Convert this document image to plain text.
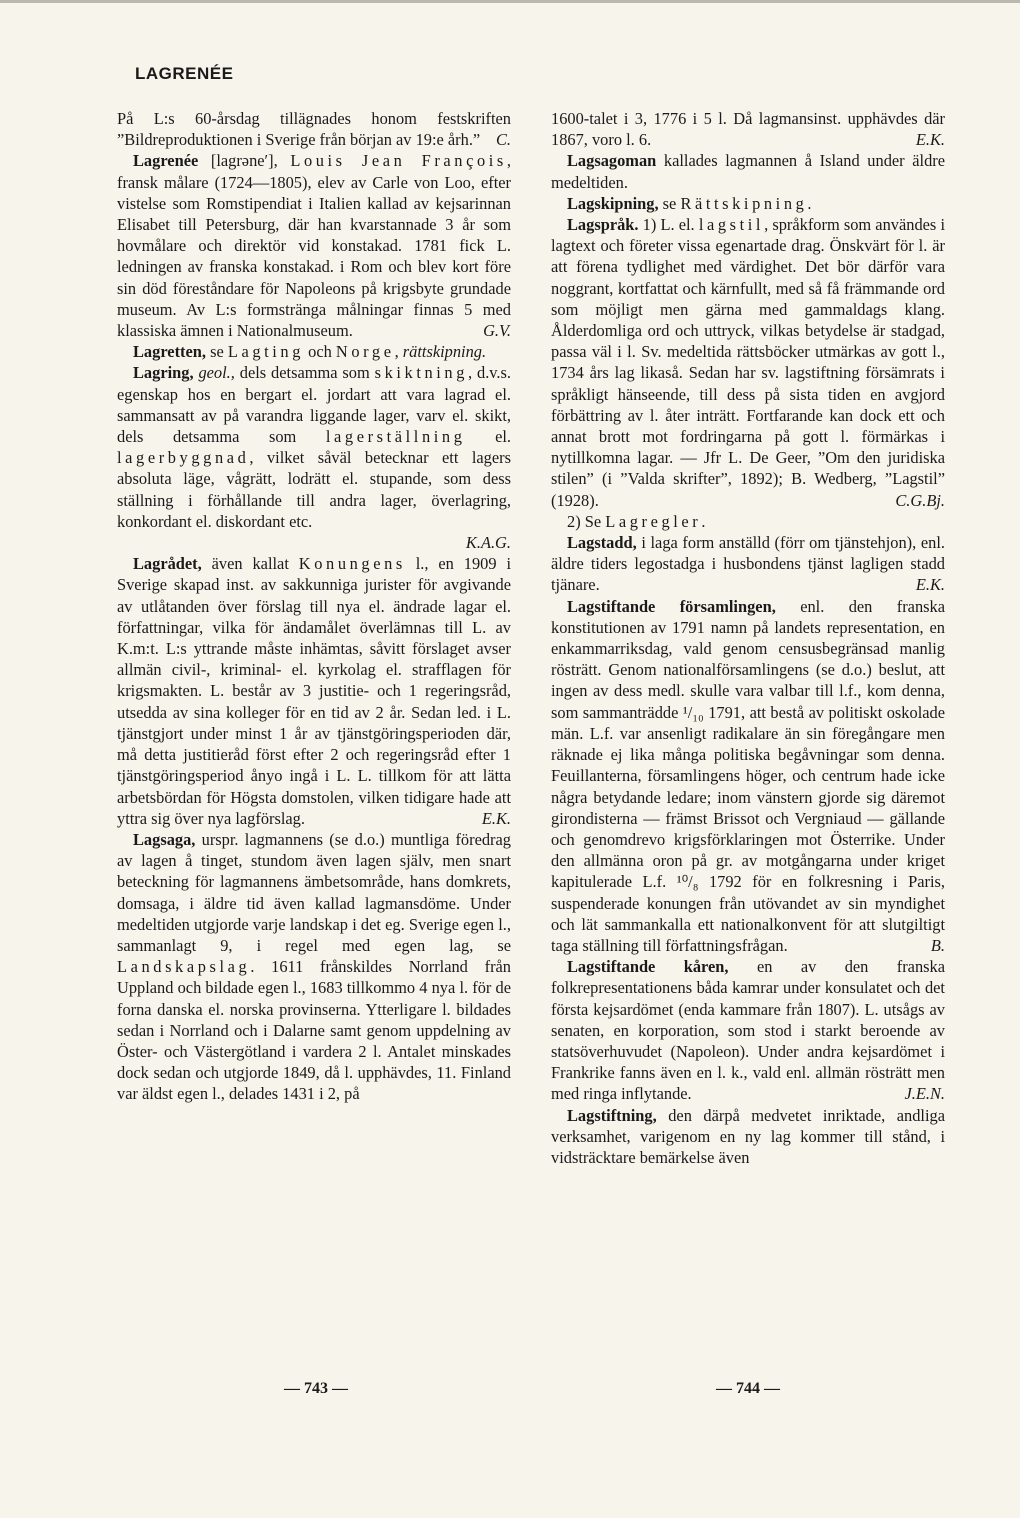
LAGRENÉE

På L:s 60-årsdag tillägnades honom festskriften ”Bildreproduktionen i Sverige från början av 19:e årh.” C.

Lagrenée [lagrəne′], Louis Jean François, fransk målare (1724—1805), elev av Carle von Loo, efter vistelse som Romstipendiat i Italien kallad av kejsarinnan Elisabet till Petersburg, där han kvarstannade 3 år som hovmålare och direktör vid konstakad. 1781 fick L. ledningen av franska konstakad. i Rom och blev kort före sin död föreståndare för Napoleons på krigsbyte grundade museum. Av L:s formstränga målningar finnas 5 med klassiska ämnen i Nationalmuseum.	G.V.

Lagretten, se Lagting och Norge, rättskipning.

Lagring, geol., dels detsamma som skiktning, d.v.s. egenskap hos en bergart el. jordart att vara lagrad el. sammansatt av på varandra liggande lager, varv el. skikt, dels detsamma som lagerställning el. lagerbyggnad, vilket såväl betecknar ett lagers absoluta läge, vågrätt, lodrätt el. stupande, som dess ställning i förhållande till andra lager, överlagring, konkordant el. diskordant etc.

K.A.G.

Lagrådet, även kallat Konungens l., en 1909 i Sverige skapad inst. av sakkunniga jurister för avgivande av utlåtanden över förslag till nya el. ändrade lagar el. författningar, vilka för ändamålet överlämnas till L. av K.m:t. L:s yttrande måste inhämtas, såvitt förslaget avser allmän civil-, kriminal- el. kyrkolag el. strafflagen för krigsmakten. L. består av 3 justitie- och 1 regeringsråd, utsedda av sina kolleger för en tid av 2 år. Sedan led. i L. tjänstgjort under minst 1 år av tjänstgöringsperioden där, må detta justitieråd först efter 2 och regeringsråd efter 1 tjänstgöringsperiod ånyo ingå i L. L. tillkom för att lätta arbetsbördan för Högsta domstolen, vilken tidigare hade att yttra sig över nya lagförslag.	E.K.

Lagsaga, urspr. lagmannens (se d.o.) muntliga föredrag av lagen å tinget, stundom även lagen själv, men snart beteckning för lagmannens ämbetsområde, hans domkrets, domsaga, i äldre tid även kallad lagmansdöme. Under medeltiden utgjorde varje landskap i det eg. Sverige egen l., sammanlagt 9, i regel med egen lag, se Landskapslag. 1611 frånskildes Norrland från Uppland och bildade egen l., 1683 tillkommo 4 nya l. för de forna danska el. norska provinserna. Ytterligare l. bildades sedan i Norrland och i Dalarne samt genom uppdelning av Öster- och Västergötland i vardera 2 l. Antalet minskades dock sedan och utgjorde 1849, då l. upphävdes, 11. Finland var äldst egen l., delades 1431 i 2, på

1600-talet i 3, 1776 i 5 l. Då lagmansinst. upphävdes där 1867, voro l. 6.	E.K.

Lagsagoman kallades lagmannen å Island under äldre medeltiden.

Lagskipning, se Rättskipning.

Lagspråk. 1) L. el. lagstil, språkform som användes i lagtext och företer vissa egenartade drag. Önskvärt för l. är att förena tydlighet med värdighet. Det bör därför vara noggrant, kortfattat och kärnfullt, med så få främmande ord som möjligt men gärna med gammaldags klang. Ålderdomliga ord och uttryck, vilkas betydelse är stadgad, passa väl i l. Sv. medeltida rättsböcker utmärkas av gott l., 1734 års lag likaså. Sedan har sv. lagstiftning försämrats i språkligt hänseende, till dess på sista tiden en avgjord förbättring av l. åter inträtt. Fortfarande kan dock ett och annat brott mot fordringarna på gott l. förmärkas i nytillkomna lagar. — Jfr L. De Geer, ”Om den juridiska stilen” (i ”Valda skrifter”, 1892); B. Wedberg, ”Lagstil” (1928).	C.G.Bj.

2) Se Lagregler.

Lagstadd, i laga form anställd (förr om tjänstehjon), enl. äldre tiders legostadga i husbondens tjänst lagligen stadd tjänare.	E.K.

Lagstiftande församlingen, enl. den franska konstitutionen av 1791 namn på landets representation, en enkammarriksdag, vald genom censusbegränsad manlig rösträtt. Genom nationalförsamlingens (se d.o.) beslut, att ingen av dess medl. skulle vara valbar till l.f., kom denna, som sammanträdde ¹/₁₀ 1791, att bestå av politiskt oskolade män. L.f. var ansenligt radikalare än sin föregångare men räknade ej lika många politiska begåvningar som denna. Feuillanterna, församlingens höger, och centrum hade icke några betydande ledare; inom vänstern gjorde sig däremot girondisterna — främst Brissot och Vergniaud — gällande och genomdrevo krigsförklaringen mot Österrike. Under den allmänna oron på gr. av motgångarna under kriget kapitulerade L.f. ¹⁰/₈ 1792 för en folkresning i Paris, suspenderade konungen från utövandet av sin myndighet och lät sammankalla ett nationalkonvent för att slutgiltigt taga ställning till författningsfrågan.	B.

Lagstiftande kåren, en av den franska folkrepresentationens båda kamrar under konsulatet och det första kejsardömet (enda kammare från 1807). L. utsågs av senaten, en korporation, som stod i starkt beroende av statsöverhuvudet (Napoleon). Under andra kejsardömet i Frankrike fanns även en l. k., vald enl. allmän rösträtt men med ringa inflytande.	J.E.N.

Lagstiftning, den därpå medvetet inriktade, andliga verksamhet, varigenom en ny lag kommer till stånd, i vidsträcktare bemärkelse även

— 743 —	— 744 —
